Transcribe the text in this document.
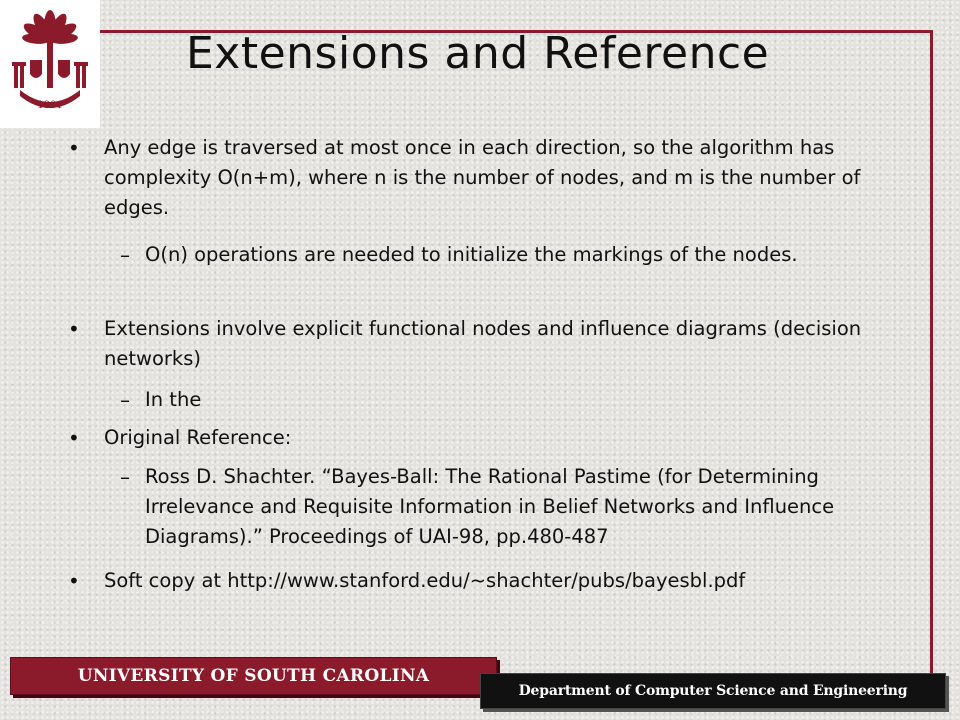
1801
Extensions and Reference
• Any edge is traversed at most once in each direction, so the algorithm has
complexity O(n+m), where n is the number of nodes, and m is the number of
edges.
– O(n) operations are needed to initialize the markings of the nodes.
• Extensions involve explicit functional nodes and influence diagrams (decision
networks)
– In the
• Original Reference:
– Ross D. Shachter. “Bayes-Ball: The Rational Pastime (for Determining
Irrelevance and Requisite Information in Belief Networks and Influence
Diagrams).” Proceedings of UAI-98, pp.480-487
• Soft copy at http://www.stanford.edu/~shachter/pubs/bayesbl.pdf
UNIVERSITY OF SOUTH CAROLINA
Department of Computer Science and Engineering
